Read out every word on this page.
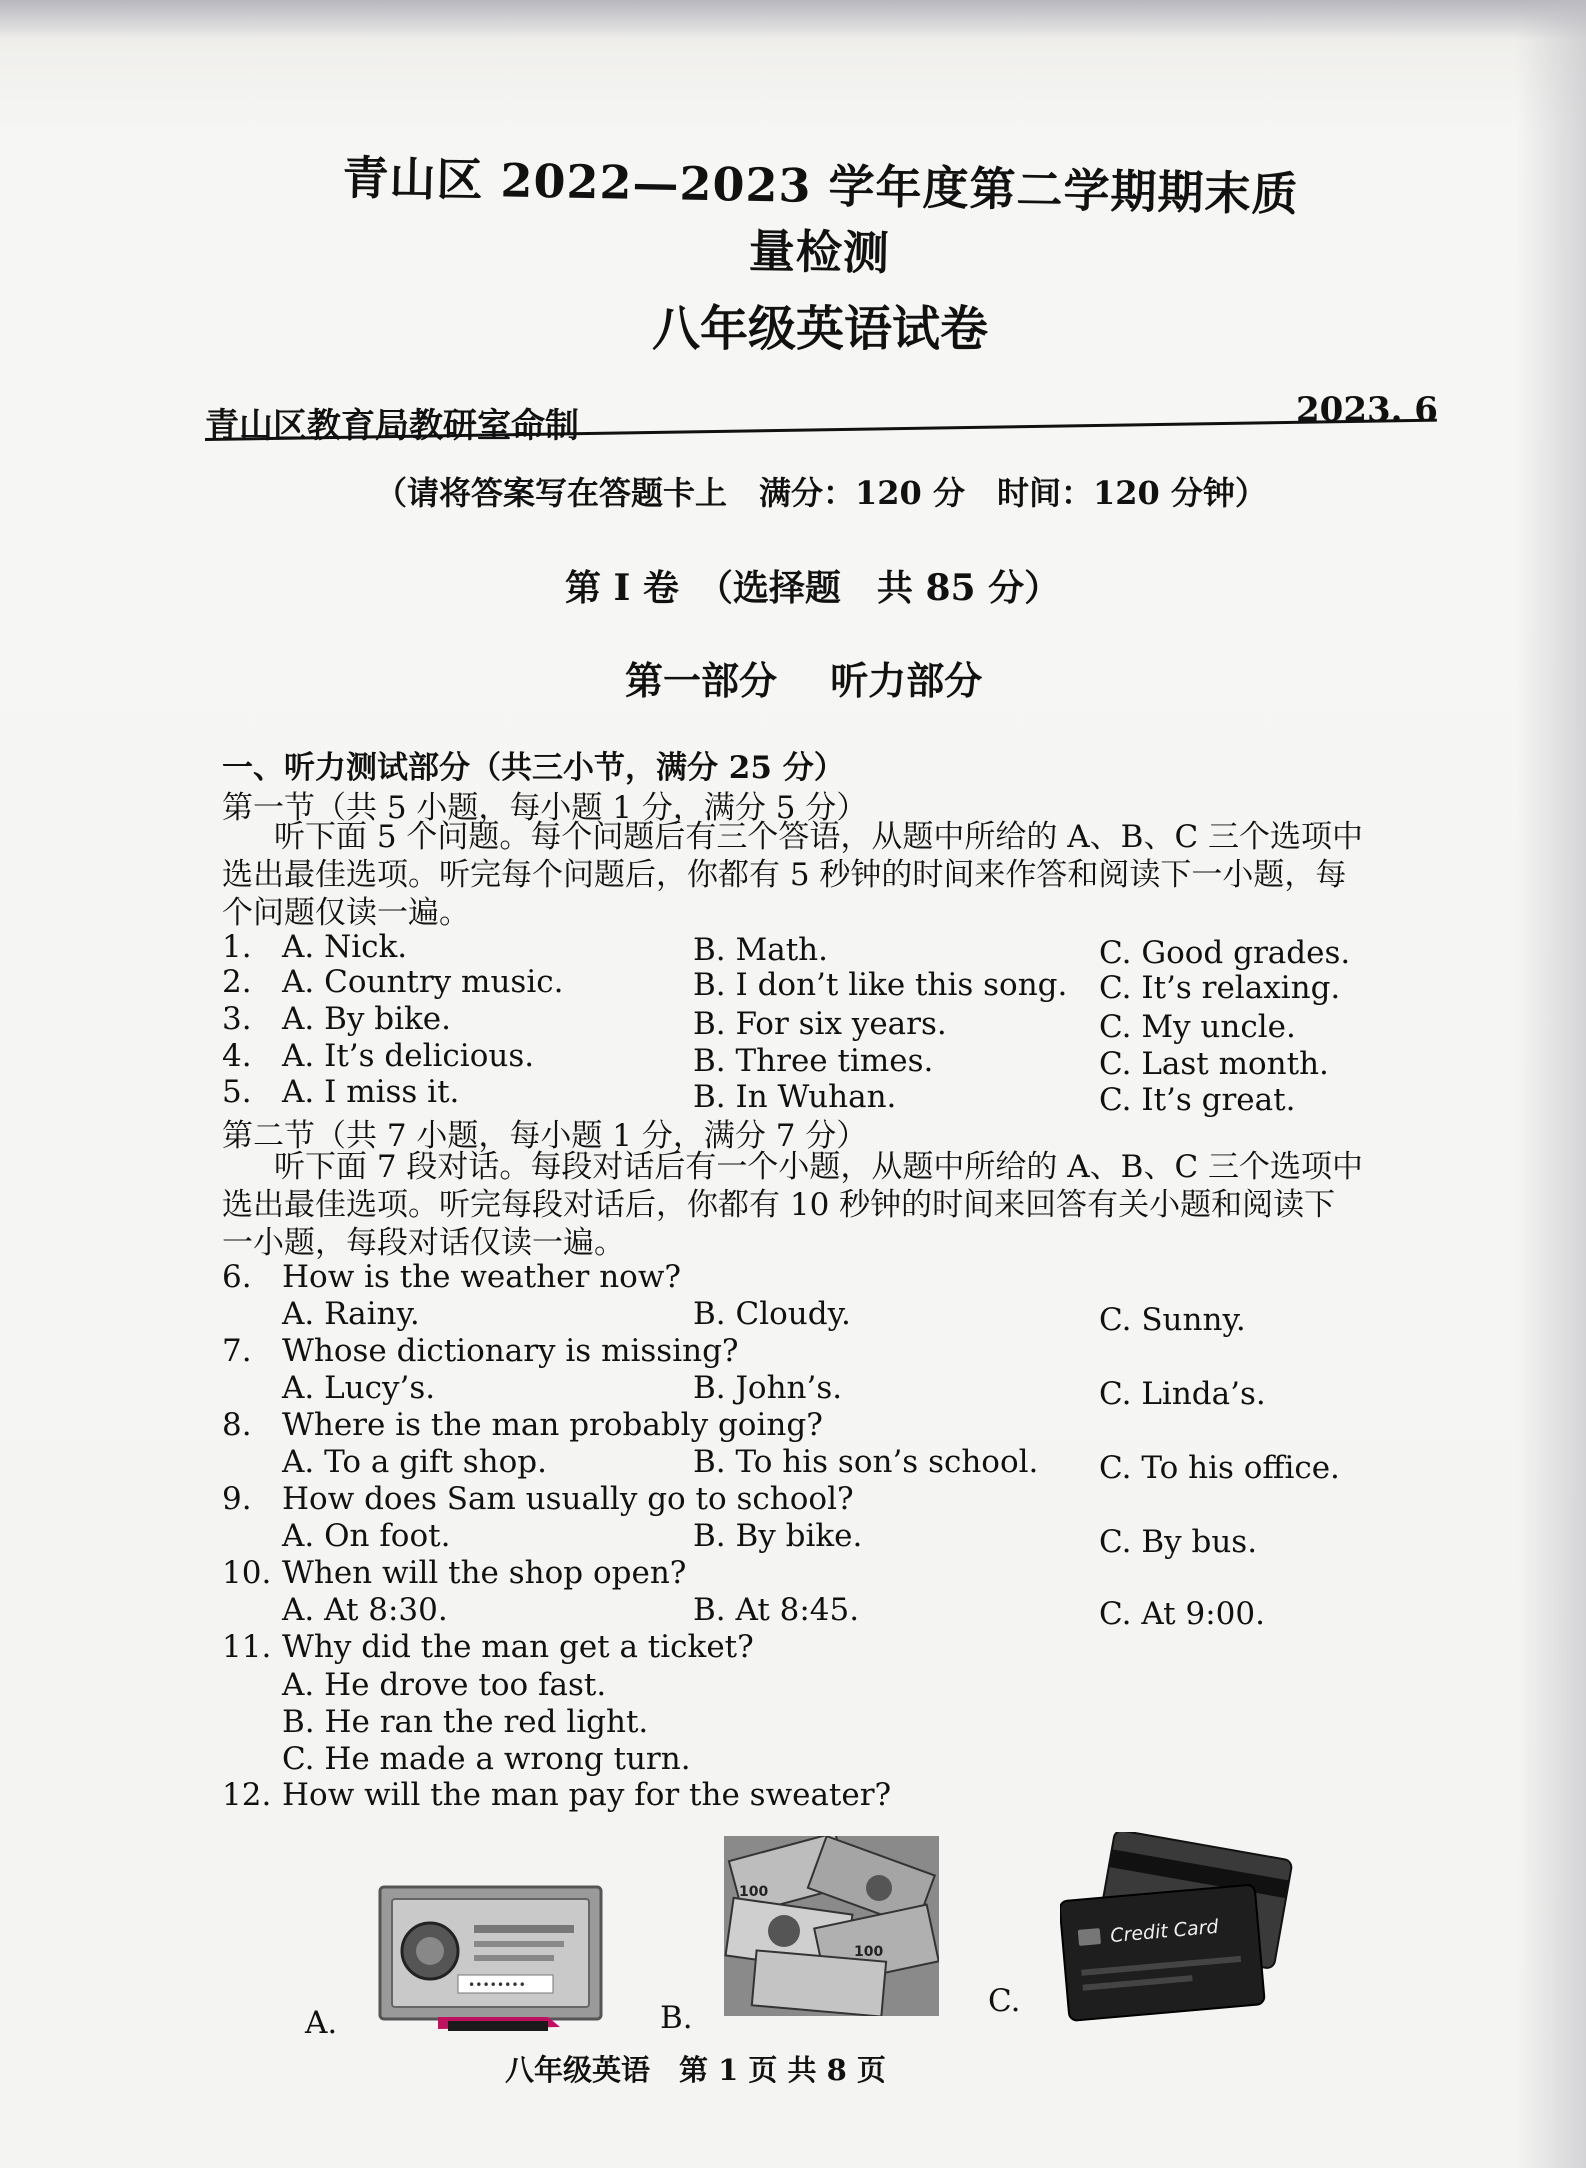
青山区 2022—2023 学年度第二学期期末质量检测
八年级英语试卷
青山区教育局教研室命制	2023. 6
（请将答案写在答题卡上　满分：120 分　时间：120 分钟）
第 I 卷　（选择题　共 85 分）
第一部分 听力部分
一、听力测试部分（共三小节，满分 25 分）
第一节（共 5 小题，每小题 1 分，满分 5 分）
听下面 5 个问题。每个问题后有三个答语，从题中所给的 A、B、C 三个选项中
选出最佳选项。听完每个问题后，你都有 5 秒钟的时间来作答和阅读下一小题，每
个问题仅读一遍。
1. A. Nick.	B. Math.	C. Good grades.
2. A. Country music.	B. I don’t like this song. C. It’s relaxing.
3. A. By bike.	B. For six years.	C. My uncle.
4. A. It’s delicious.	B. Three times.	C. Last month.
5. A. I miss it.	B. In Wuhan.	C. It’s great.
第二节（共 7 小题，每小题 1 分，满分 7 分）
听下面 7 段对话。每段对话后有一个小题，从题中所给的 A、B、C 三个选项中
选出最佳选项。听完每段对话后，你都有 10 秒钟的时间来回答有关小题和阅读下
一小题，每段对话仅读一遍。
6. How is the weather now?
A. Rainy.	B. Cloudy.	C. Sunny.
7. Whose dictionary is missing?
A. Lucy’s.	B. John’s.	C. Linda’s.
8. Where is the man probably going?
A. To a gift shop.	B. To his son’s school. C. To his office.
9. How does Sam usually go to school?
A. On foot.	B. By bike.	C. By bus.
10. When will the shop open?
A. At 8:30.	B. At 8:45.	C. At 9:00.
11. Why did the man get a ticket?
A. He drove too fast.
B. He ran the red light.
C. He made a wrong turn.
12. How will the man pay for the sweater?
••••••••
A.
100
100
B.
Credit Card
C.
八年级英语　第 1 页 共 8 页
